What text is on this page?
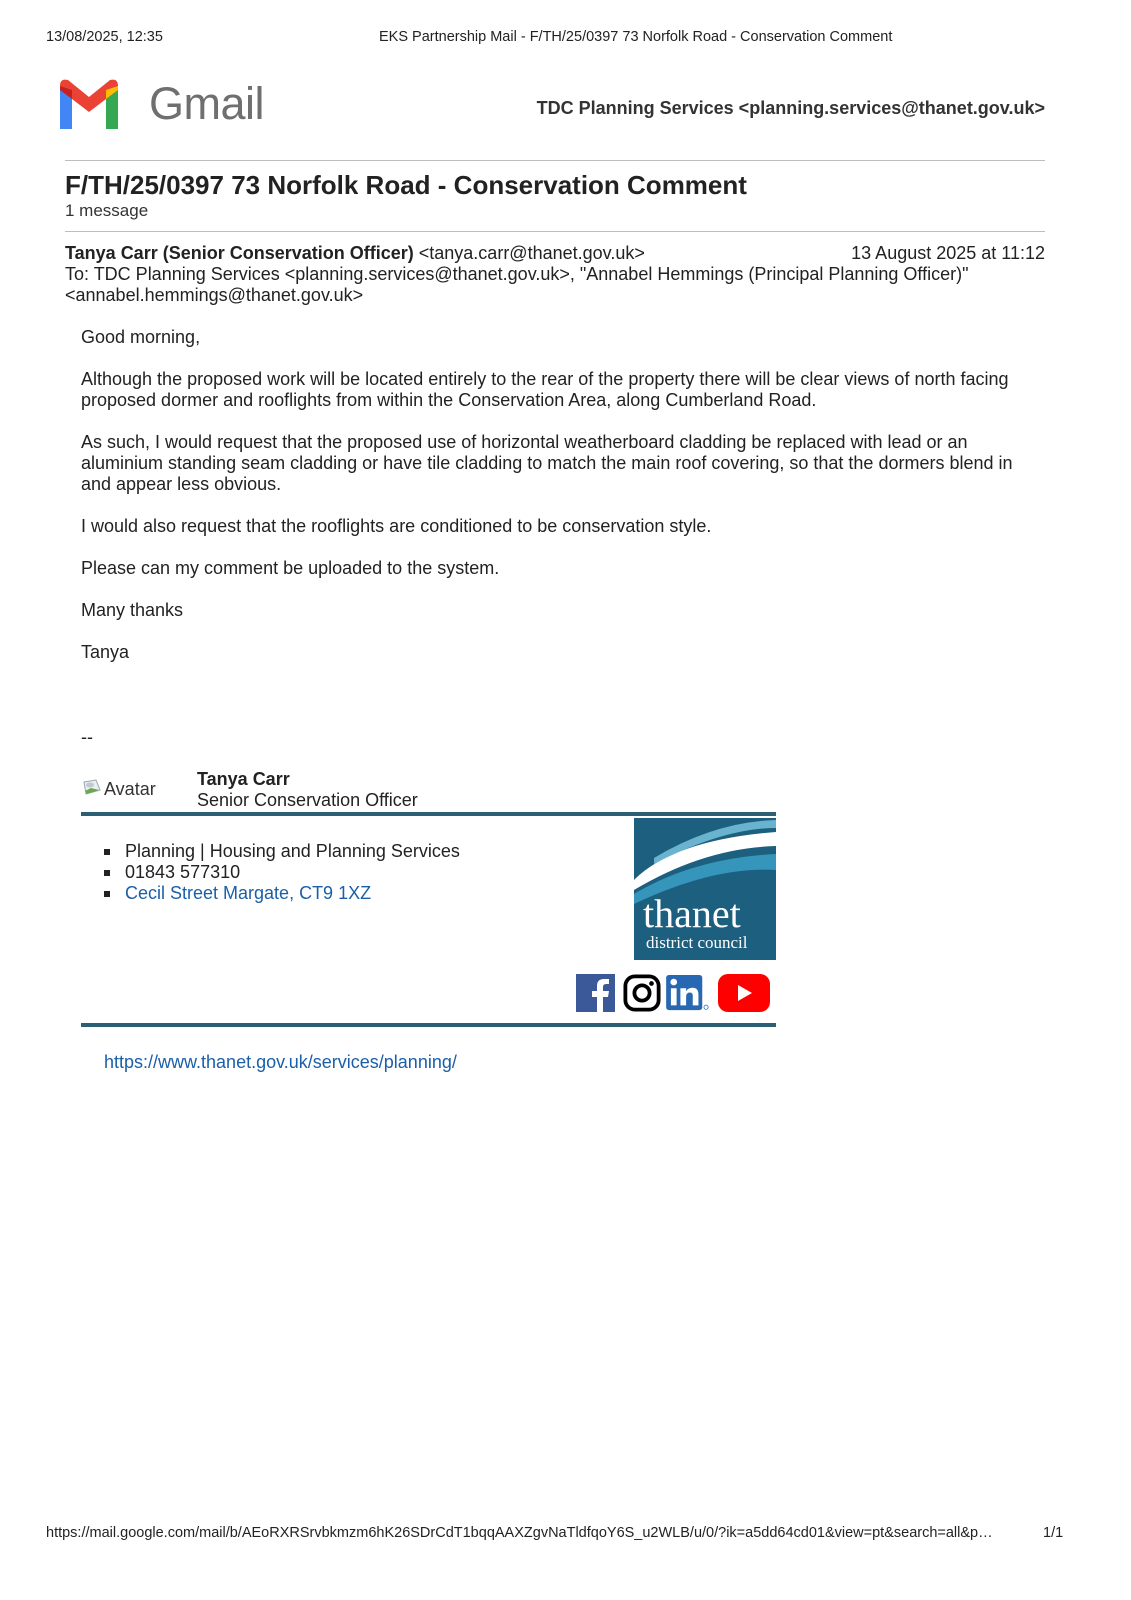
13/08/2025, 12:35	EKS Partnership Mail - F/TH/25/0397 73 Norfolk Road - Conservation Comment
Gmail	TDC Planning Services <planning.services@thanet.gov.uk>
F/TH/25/0397 73 Norfolk Road - Conservation Comment
1 message
Tanya Carr (Senior Conservation Officer) <tanya.carr@thanet.gov.uk>	13 August 2025 at 11:12
To: TDC Planning Services <planning.services@thanet.gov.uk>, "Annabel Hemmings (Principal Planning Officer)" <annabel.hemmings@thanet.gov.uk>

Good morning,

Although the proposed work will be located entirely to the rear of the property there will be clear views of north facing proposed dormer and rooflights from within the Conservation Area, along Cumberland Road.

As such, I would request that the proposed use of horizontal weatherboard cladding be replaced with lead or an aluminium standing seam cladding or have tile cladding to match the main roof covering, so that the dormers blend in and appear less obvious.

I would also request that the rooflights are conditioned to be conservation style.

Please can my comment be uploaded to the system.

Many thanks

Tanya

--
Avatar	Tanya Carr
Senior Conservation Officer
Planning | Housing and Planning Services
01843 577310
Cecil Street Margate, CT9 1XZ	thanet
district council
https://www.thanet.gov.uk/services/planning/
https://mail.google.com/mail/b/AEoRXRSrvbkmzm6hK26SDrCdT1bqqAAXZgvNaTldfqoY6S_u2WLB/u/0/?ik=a5dd64cd01&view=pt&search=all&p…	1/1
